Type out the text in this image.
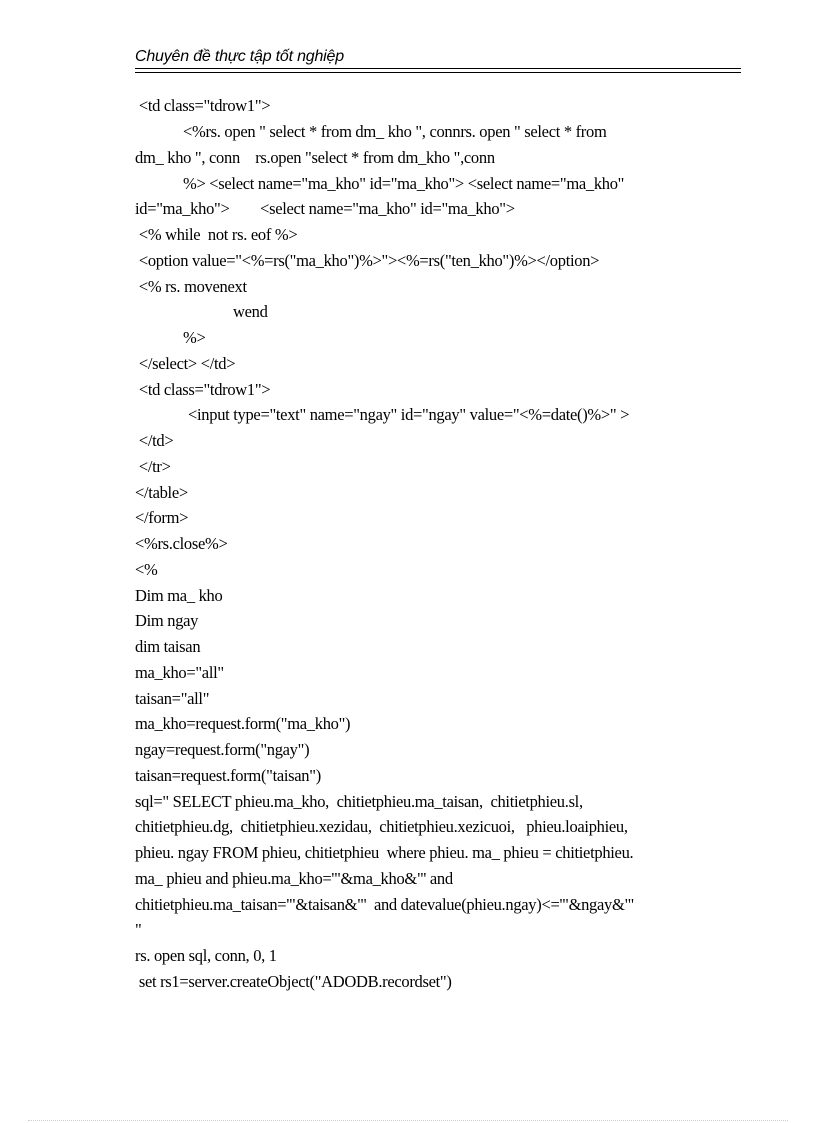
Chuyên đề thực tập tốt nghiệp
<td class="tdrow1">
<%rs. open " select * from dm_ kho ", connrs. open " select * from
dm_ kho ", conn    rs.open "select * from dm_kho ",conn
%> <select name="ma_kho" id="ma_kho"> <select name="ma_kho"
id="ma_kho">        <select name="ma_kho" id="ma_kho">
<% while  not rs. eof %>
<option value="<%=rs("ma_kho")%>"><%=rs("ten_kho")%></option>
<% rs. movenext
wend
%>
</select> </td>
<td class="tdrow1">
<input type="text" name="ngay" id="ngay" value="<%=date()%>" >
</td>
</tr>
</table>
</form>
<%rs.close%>
<%
Dim ma_ kho
Dim ngay
dim taisan
ma_kho="all"
taisan="all"
ma_kho=request.form("ma_kho")
ngay=request.form("ngay")
taisan=request.form("taisan")
sql=" SELECT phieu.ma_kho,  chitietphieu.ma_taisan,  chitietphieu.sl,
chitietphieu.dg,  chitietphieu.xezidau,  chitietphieu.xezicuoi,   phieu.loaiphieu,
phieu. ngay FROM phieu, chitietphieu  where phieu. ma_ phieu = chitietphieu.
ma_ phieu and phieu.ma_kho='"&ma_kho&"' and
chitietphieu.ma_taisan='"&taisan&"'  and datevalue(phieu.ngay)<='"&ngay&"'
"
rs. open sql, conn, 0, 1
set rs1=server.createObject("ADODB.recordset")
